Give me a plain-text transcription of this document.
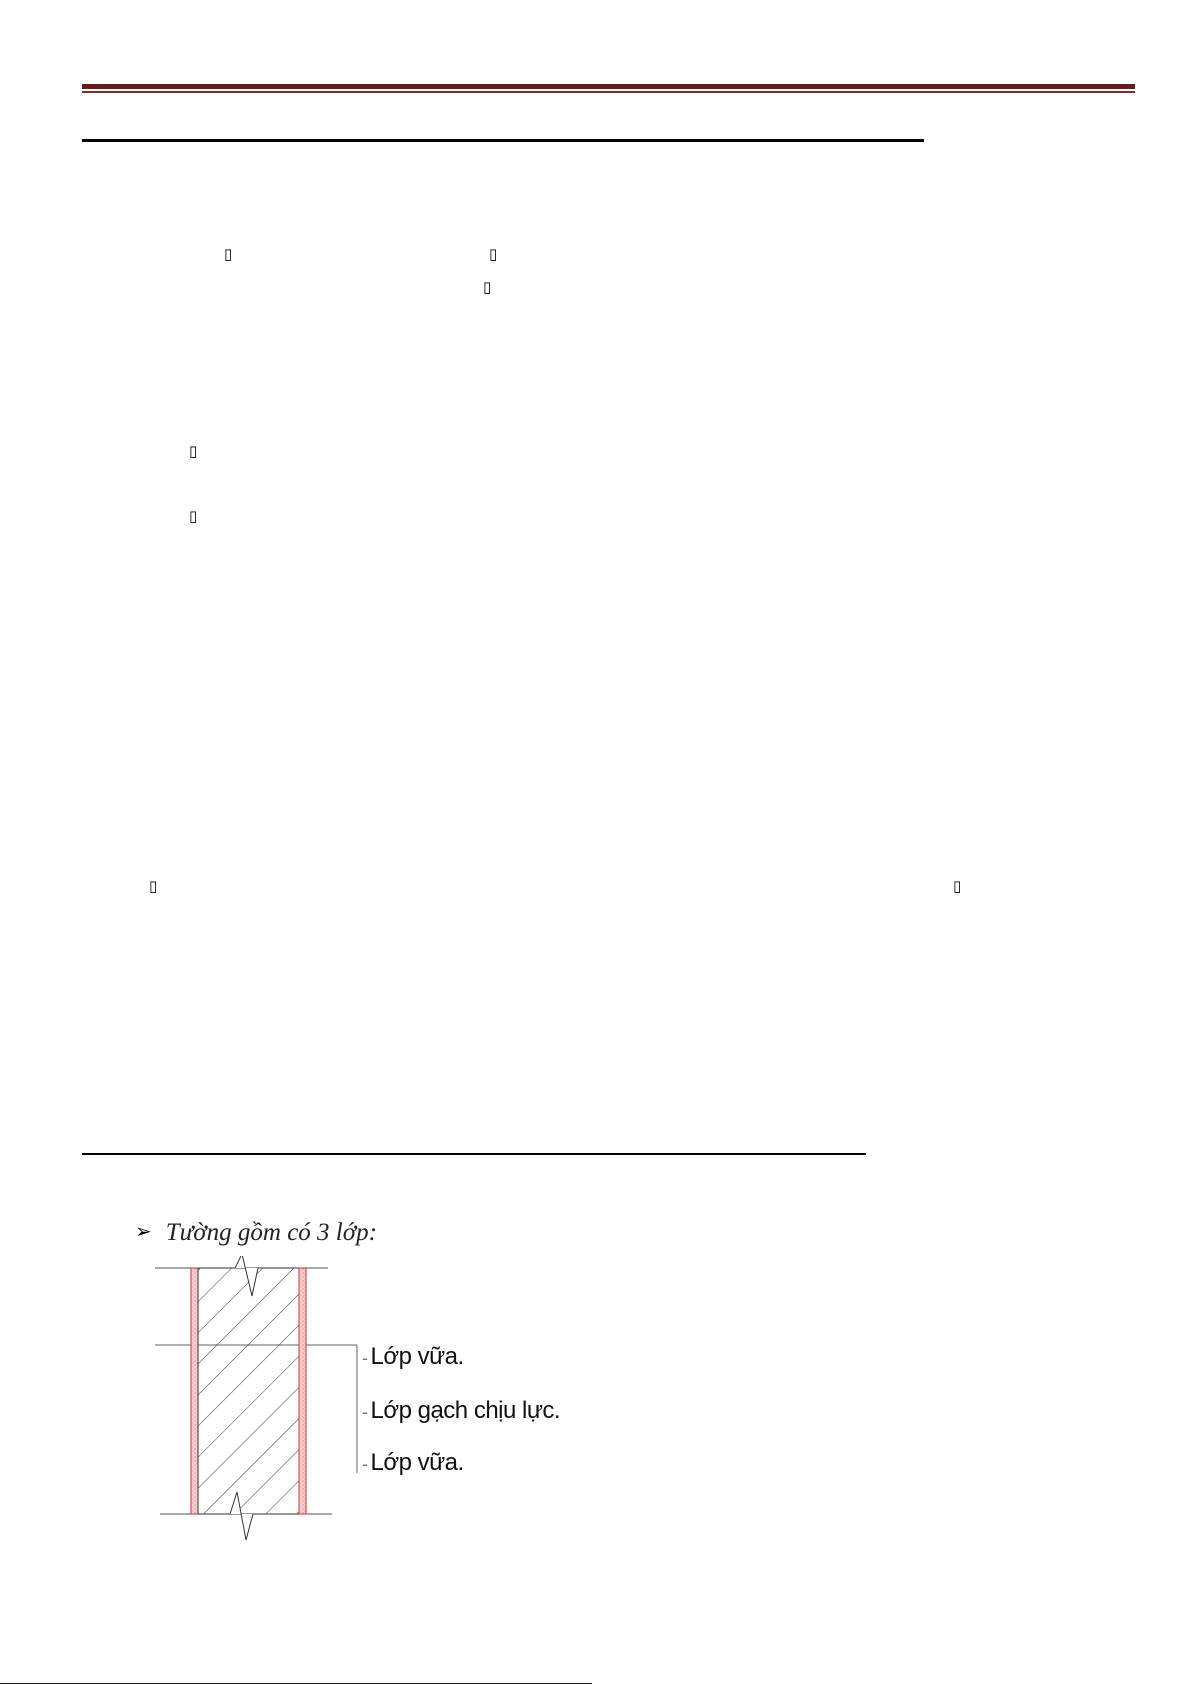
▯	▯
▯
▯
▯
▯	▯
➢ Tường gồm có 3 lớp:
- Lớp vữa.
- Lớp gạch chịu lực.
- Lớp vữa.
